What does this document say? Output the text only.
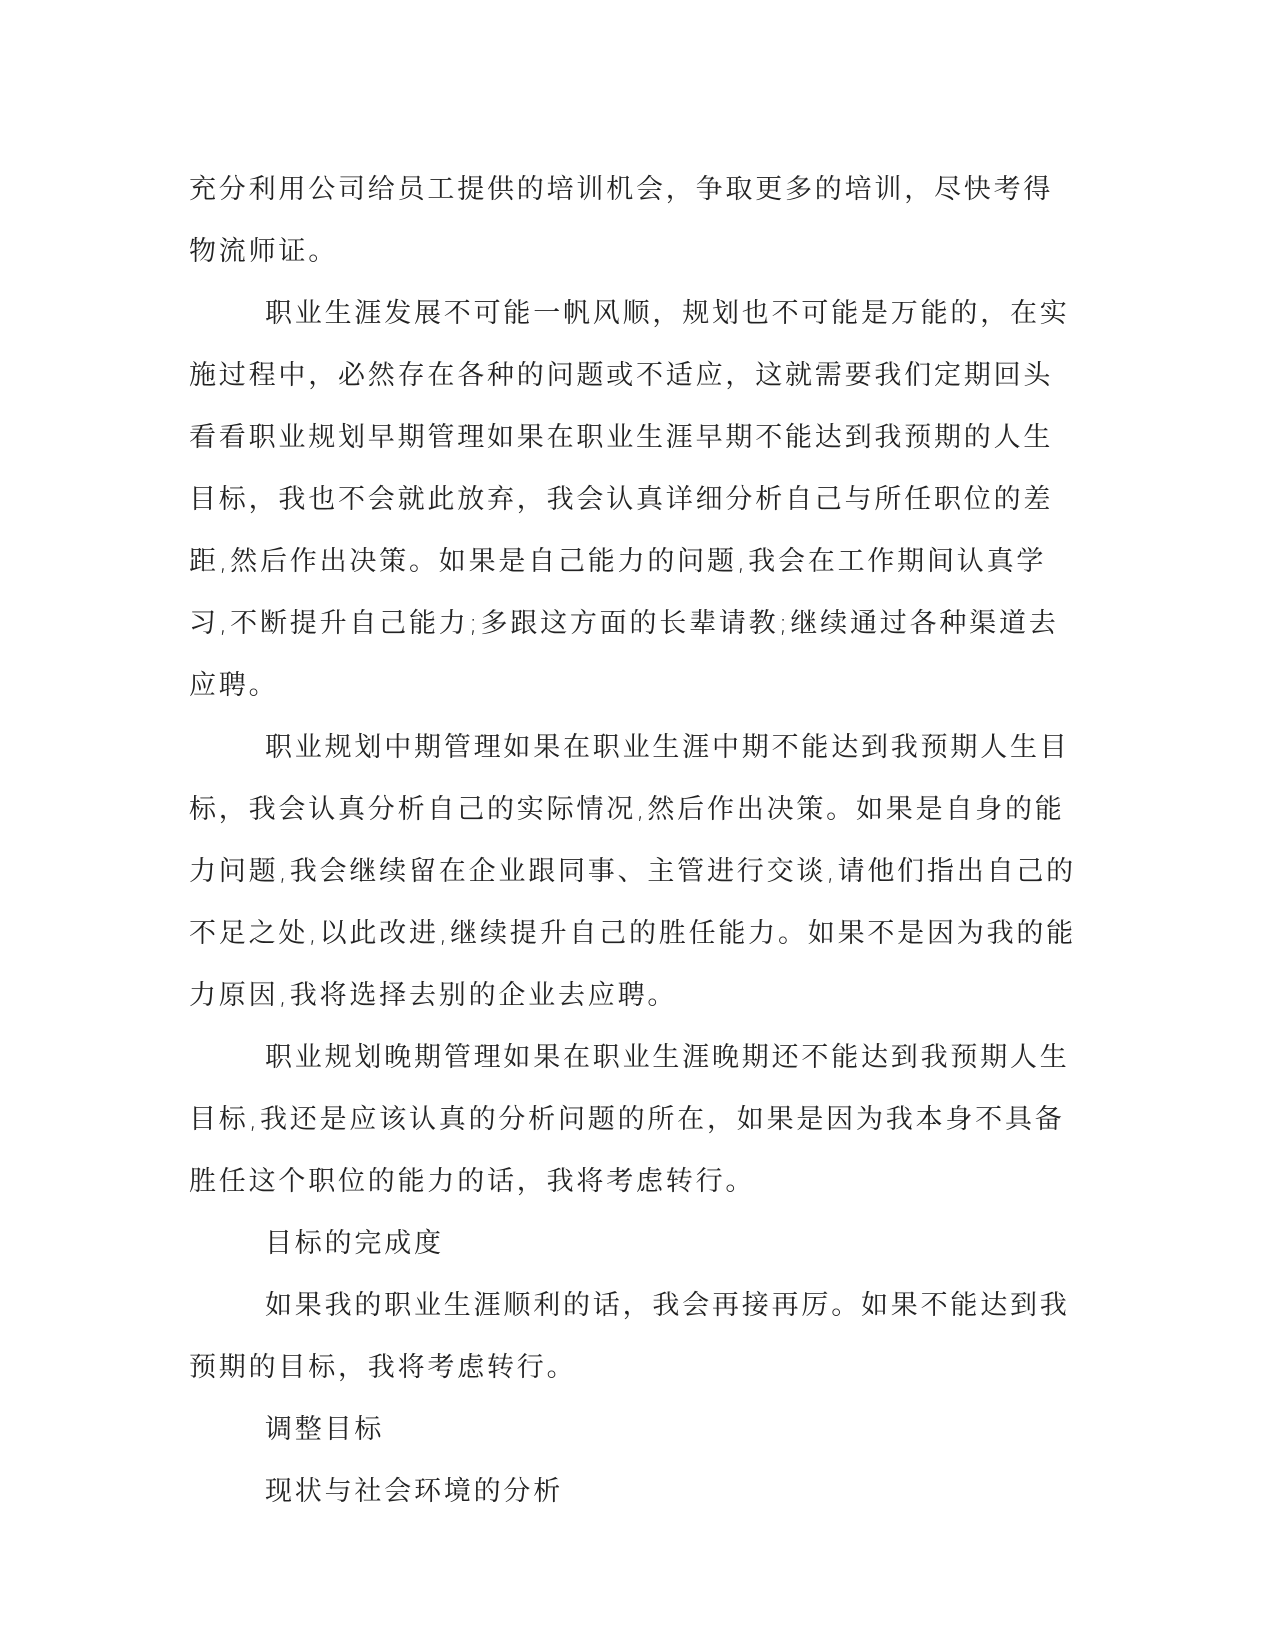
充分利用公司给员工提供的培训机会，争取更多的培训，尽快考得物流师证。

职业生涯发展不可能一帆风顺，规划也不可能是万能的，在实施过程中，必然存在各种的问题或不适应，这就需要我们定期回头看看职业规划早期管理如果在职业生涯早期不能达到我预期的人生目标，我也不会就此放弃，我会认真详细分析自己与所任职位的差距,然后作出决策。如果是自己能力的问题,我会在工作期间认真学习,不断提升自己能力;多跟这方面的长辈请教;继续通过各种渠道去应聘。

职业规划中期管理如果在职业生涯中期不能达到我预期人生目标，我会认真分析自己的实际情况,然后作出决策。如果是自身的能力问题,我会继续留在企业跟同事、主管进行交谈,请他们指出自己的不足之处,以此改进,继续提升自己的胜任能力。如果不是因为我的能力原因,我将选择去别的企业去应聘。

职业规划晚期管理如果在职业生涯晚期还不能达到我预期人生目标,我还是应该认真的分析问题的所在，如果是因为我本身不具备胜任这个职位的能力的话，我将考虑转行。

目标的完成度

如果我的职业生涯顺利的话，我会再接再厉。如果不能达到我预期的目标，我将考虑转行。

调整目标

现状与社会环境的分析
